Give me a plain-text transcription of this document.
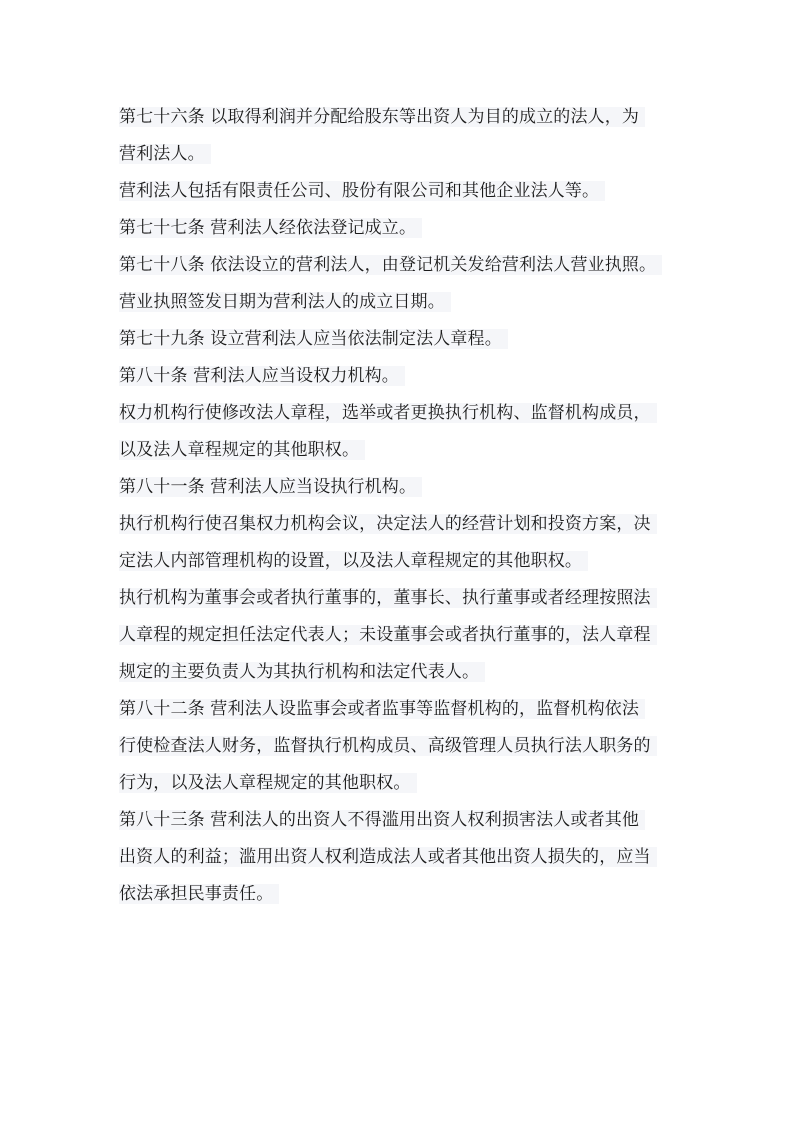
第七十六条 以取得利润并分配给股东等出资人为目的成立的法人，为
营利法人。
营利法人包括有限责任公司、股份有限公司和其他企业法人等。
第七十七条 营利法人经依法登记成立。
第七十八条 依法设立的营利法人，由登记机关发给营利法人营业执照。
营业执照签发日期为营利法人的成立日期。
第七十九条 设立营利法人应当依法制定法人章程。
第八十条 营利法人应当设权力机构。
权力机构行使修改法人章程，选举或者更换执行机构、监督机构成员，
以及法人章程规定的其他职权。
第八十一条 营利法人应当设执行机构。
执行机构行使召集权力机构会议，决定法人的经营计划和投资方案，决
定法人内部管理机构的设置，以及法人章程规定的其他职权。
执行机构为董事会或者执行董事的，董事长、执行董事或者经理按照法
人章程的规定担任法定代表人；未设董事会或者执行董事的，法人章程
规定的主要负责人为其执行机构和法定代表人。
第八十二条 营利法人设监事会或者监事等监督机构的，监督机构依法
行使检查法人财务，监督执行机构成员、高级管理人员执行法人职务的
行为，以及法人章程规定的其他职权。
第八十三条 营利法人的出资人不得滥用出资人权利损害法人或者其他
出资人的利益；滥用出资人权利造成法人或者其他出资人损失的，应当
依法承担民事责任。
